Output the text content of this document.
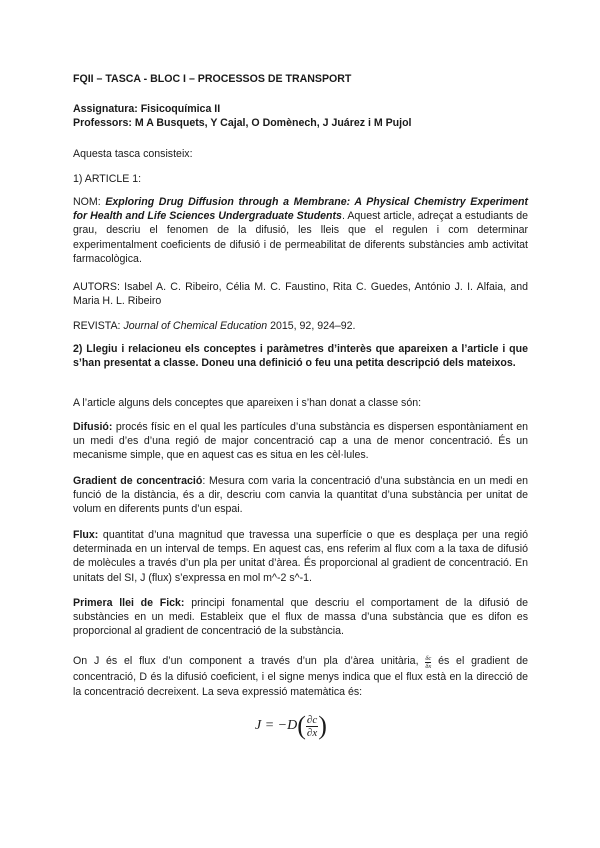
FQII – TASCA - BLOC I – PROCESSOS DE TRANSPORT
Assignatura: Fisicoquímica II
Professors: M A Busquets, Y Cajal, O Domènech, J Juárez i M Pujol
Aquesta tasca consisteix:
1) ARTICLE 1:
NOM: Exploring Drug Diffusion through a Membrane: A Physical Chemistry Experiment for Health and Life Sciences Undergraduate Students. Aquest article, adreçat a estudiants de grau, descriu el fenomen de la difusió, les lleis que el regulen i com determinar experimentalment coeficients de difusió i de permeabilitat de diferents substàncies amb activitat farmacològica.
AUTORS: Isabel A. C. Ribeiro, Célia M. C. Faustino, Rita C. Guedes, António J. I. Alfaia, and Maria H. L. Ribeiro
REVISTA: Journal of Chemical Education 2015, 92, 924–92.
2) Llegiu i relacioneu els conceptes i paràmetres d’interès que apareixen a l’article i que s’han presentat a classe. Doneu una definició o feu una petita descripció dels mateixos.
A l’article alguns dels conceptes que apareixen i s’han donat a classe són:
Difusió: procés físic en el qual les partícules d’una substància es dispersen espontàniament en un medi d’es d’una regió de major concentració cap a una de menor concentració. És un mecanisme simple, que en aquest cas es situa en les cèl·lules.
Gradient de concentració: Mesura com varia la concentració d’una substància en un medi en funció de la distància, és a dir, descriu com canvia la quantitat d’una substància per unitat de volum en diferents punts d’un espai.
Flux: quantitat d’una magnitud que travessa una superfície o que es desplaça per una regió determinada en un interval de temps. En aquest cas, ens referim al flux com a la taxa de difusió de molècules a través d’un pla per unitat d’àrea. És proporcional al gradient de concentració. En unitats del SI, J (flux) s’expressa en mol m^-2 s^-1.
Primera llei de Fick: principi fonamental que descriu el comportament de la difusió de substàncies en un medi. Estableix que el flux de massa d’una substància que es difon es proporcional al gradient de concentració de la substància.
On J és el flux d’un component a través d’un pla d’àrea unitària, $\frac{\delta c}{\delta x}$ és el gradient de concentració, D és la difusió coeficient, i el signe menys indica que el flux està en la direcció de la concentració decreixent. La seva expressió matemàtica és:
$J = -D( \frac{\partial c}{\partial x}$ )
